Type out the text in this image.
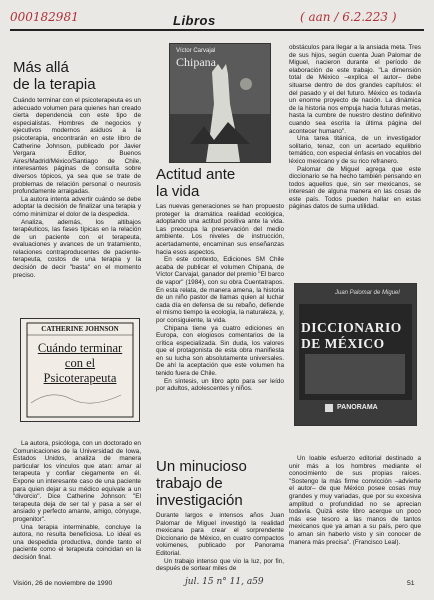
000182981	( aan / 6.2.223 )
Libros
Más allá
de la terapia

Cuándo terminar con el psicoterapeuta es un adecuado volumen para quienes han creado cierta dependencia con este tipo de especialistas. Hombres de negocios y ejecutivos modernos asiduos a la psicoterapia, encontrarán en este libro de Catherine Johnson, publicado por Javier Vergara Editor, Buenos Aires/Madrid/México/Santiago de Chile, interesantes páginas de consulta sobre diversos tópicos, ya sea que se trate de problemas de relación personal o neurosis profundamente arraigadas.

La autora intenta advertir cuándo se debe adoptar la decisión de finalizar una terapia y cómo minimizar el dolor de la despedida.

Analiza, además, los altibajos terapéuticos, las fases típicas en la relación de un paciente con el terapeuta, evaluaciones y avances de un tratamiento, relaciones contraproducentes de paciente-terapeuta, costos de una terapia y la decisión de decir "basta" en el momento preciso.

CATHERINE JOHNSON
Cuándo terminar con el Psicoterapeuta

La autora, psicóloga, con un doctorado en Comunicaciones de la Universidad de Iowa, Estados Unidos, analiza de manera particular los vínculos que atan: amar al terapeuta y confiar ciegamente en él. Expone un interesante caso de una paciente para quien dejar a su médico equivale a un "divorcio". Dice Catherine Johnson: "El terapeuta deja de ser tal y pasa a ser el ansiado y perfecto amante, amigo, cónyuge, progenitor".

Una terapia interminable, concluye la autora, no resulta beneficiosa. Lo ideal es una despedida productiva, donde tanto el paciente como el terapeuta coincidan en la decisión final.

Víctor Carvajal
Chipana
Actitud ante
la vida

Las nuevas generaciones se han propuesto proteger la dramática realidad ecológica, adoptando una actitud positiva ante la vida. Las preocupa la preservación del medio ambiente. Los niveles de instrucción, acertadamente, encaminan sus enseñanzas hacia esos aspectos.

En este contexto, Ediciones SM Chile acaba de publicar el volumen Chipana, de Víctor Carvajal, ganador del premio "El barco de vapor" (1984), con su obra Cuentatrapos. En esta relata, de manera amena, la historia de un niño pastor de llamas quien al luchar cada día en defensa de su rebaño, defiende el mismo tiempo la ecología, la naturaleza, y, por consiguiente, la vida.

Chipana tiene ya cuatro ediciones en Europa, con elogiosos comentarios de la crítica especializada. Sin duda, los valores que el protagonista de esta obra manifiesta en su lucha son absolutamente universales. De ahí la aceptación que este volumen ha tenido fuera de Chile.

En síntesis, un libro apto para ser leído por adultos, adolescentes y niños.

Un minucioso
trabajo de
investigación

Durante largos e intensos años Juan Palomar de Miguel investigó la realidad mexicana para crear el sorprendente Diccionario de México, en cuatro compactos volúmenes, publicado por Panorama Editorial.

Un trabajo intenso que vio la luz, por fin, después de sortear miles de

obstáculos para llegar a la ansiada meta. Tres de sus hijos, según cuenta Juan Palomar de Miguel, nacieron durante el período de elaboración de este trabajo. "La dimensión total de México –explica el autor– debe situarse dentro de dos grandes capítulos: el del pasado y el del futuro. México es todavía un enorme proyecto de nación. La dinámica de la historia nos empuja hacia futuras metas, hasta la cumbre de nuestro destino definitivo cuando sea escrita la última página del acontecer humano".

Una tarea titánica, de un investigador solitario, tenaz, con un acertado equilibrio temático, con especial énfasis en vocablos del léxico mexicano y de su rico refranero.

Palomar de Miguel agrega que este diccionario se ha hecho también pensando en todos aquellos que, sin ser mexicanos, se interesan de alguna manera en las cosas de este país. Todos pueden hallar en estas páginas datos de suma utilidad.

Juan Palomar de Miguel
DICCIONARIO DE MÉXICO
PANORAMA

Un loable esfuerzo editorial destinado a unir más a los hombres mediante el conocimiento de sus propias raíces. "Sostengo la más firme convicción –advierte el autor– de que México posee cosas muy grandes y muy variadas, que por su excesiva amplitud o profundidad no se aprecian todavía. Quizá este libro acerque un poco más ese tesoro a las manos de tantos mexicanos que ya aman a su país, pero que lo aman sin haberlo visto y sin conocer de manera más precisa". (Francisco Leal).

Visión, 26 de noviembre de 1990	jul. 15 n° 11, a59	51
